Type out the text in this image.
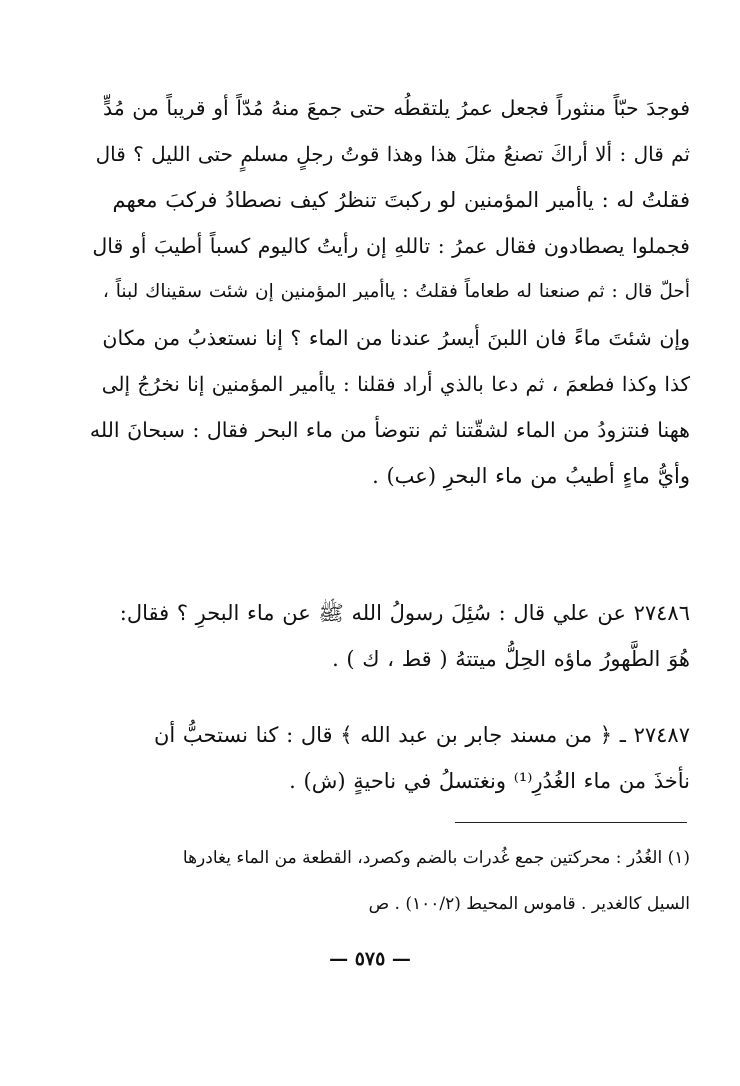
فوجدَ حبّاً منثوراً فجعل عمرُ يلتقطُه حتى جمعَ منهُ مُدّاً أو قريباً من مُدٍّ
ثم قال : ألا أراكَ تصنعُ مثلَ هذا وهذا قوتُ رجلٍ مسلمٍ حتى الليل ؟ قال
فقلتُ له : ياأمير المؤمنين لو ركبتَ تنظرُ كيف نصطادُ فركبَ معهم
فجملوا يصطادون فقال عمرُ : تاللهِ إن رأيتُ كاليوم كسباً أطيبَ أو قال
أحلّ قال : ثم صنعنا له طعاماً فقلتُ : ياأمير المؤمنين إن شئت سقيناك لبناً ،
وإن شئتَ ماءً فان اللبنَ أيسرُ عندنا من الماء ؟ إنا نستعذبُ من مكان
كذا وكذا فطعمَ ، ثم دعا بالذي أراد فقلنا : ياأمير المؤمنين إنا نخرُجُ إلى
ههنا فنتزودُ من الماء لشقّتنا ثم نتوضأ من ماء البحر فقال : سبحانَ الله
وأيُّ ماءٍ أطيبُ من ماء البحرِ (عب) .
٢٧٤٨٦ عن علي قال : سُئِلَ رسولُ الله ﷺ عن ماء البحرِ ؟ فقال:
هُوَ الطَّهورُ ماؤه الحِلُّ ميتتهُ ( قط ، ك ) .
٢٧٤٨٧ ـ ﴿ من مسند جابر بن عبد الله ﴾ قال : كنا نستحبُّ أن
نأخذَ من ماء الغُدُرِ⁽¹⁾ ونغتسلُ في ناحيةٍ (ش) .
(١) الغُدُر : محركتين جمع غُدرات بالضم وكصرد، القطعة من الماء يغادرها
السيل كالغدير . قاموس المحيط (١٠٠/٢) . ص
— ٥٧٥ —
